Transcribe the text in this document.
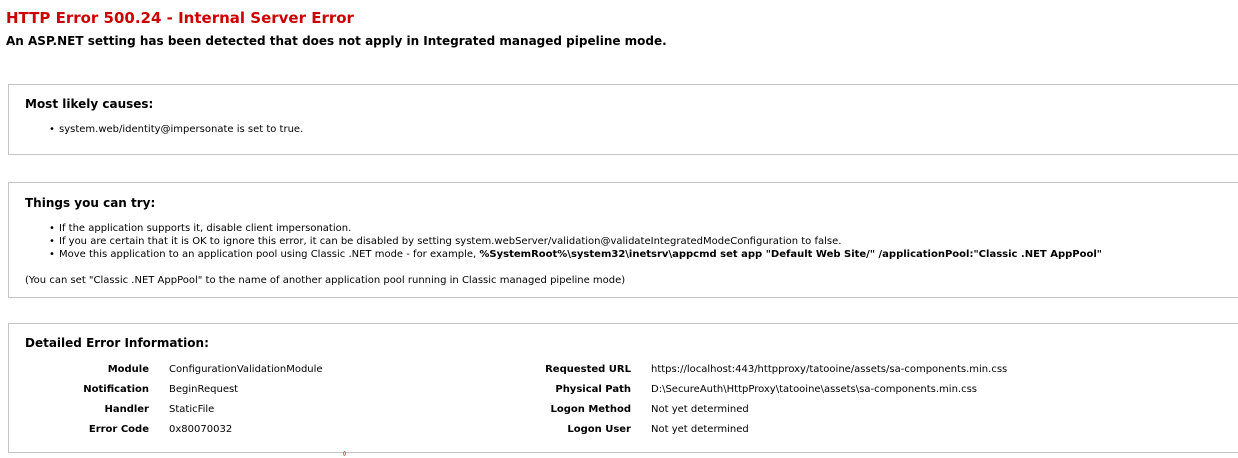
HTTP Error 500.24 - Internal Server Error
An ASP.NET setting has been detected that does not apply in Integrated managed pipeline mode.
Most likely causes:
• system.web/identity@impersonate is set to true.
Things you can try:
• If the application supports it, disable client impersonation.
• If you are certain that it is OK to ignore this error, it can be disabled by setting system.webServer/validation@validateIntegratedModeConfiguration to false.
• Move this application to an application pool using Classic .NET mode - for example, %SystemRoot%\system32\inetsrv\appcmd set app "Default Web Site/" /applicationPool:"Classic .NET AppPool"

(You can set "Classic .NET AppPool" to the name of another application pool running in Classic managed pipeline mode)

Detailed Error Information:
Module ConfigurationValidationModule
Notification BeginRequest
Handler StaticFile
Error Code 0x80070032
Requested URL https://localhost:443/httpproxy/tatooine/assets/sa-components.min.css
Physical Path D:\SecureAuth\HttpProxy\tatooine\assets\sa-components.min.css
Logon Method Not yet determined
Logon User Not yet determined
